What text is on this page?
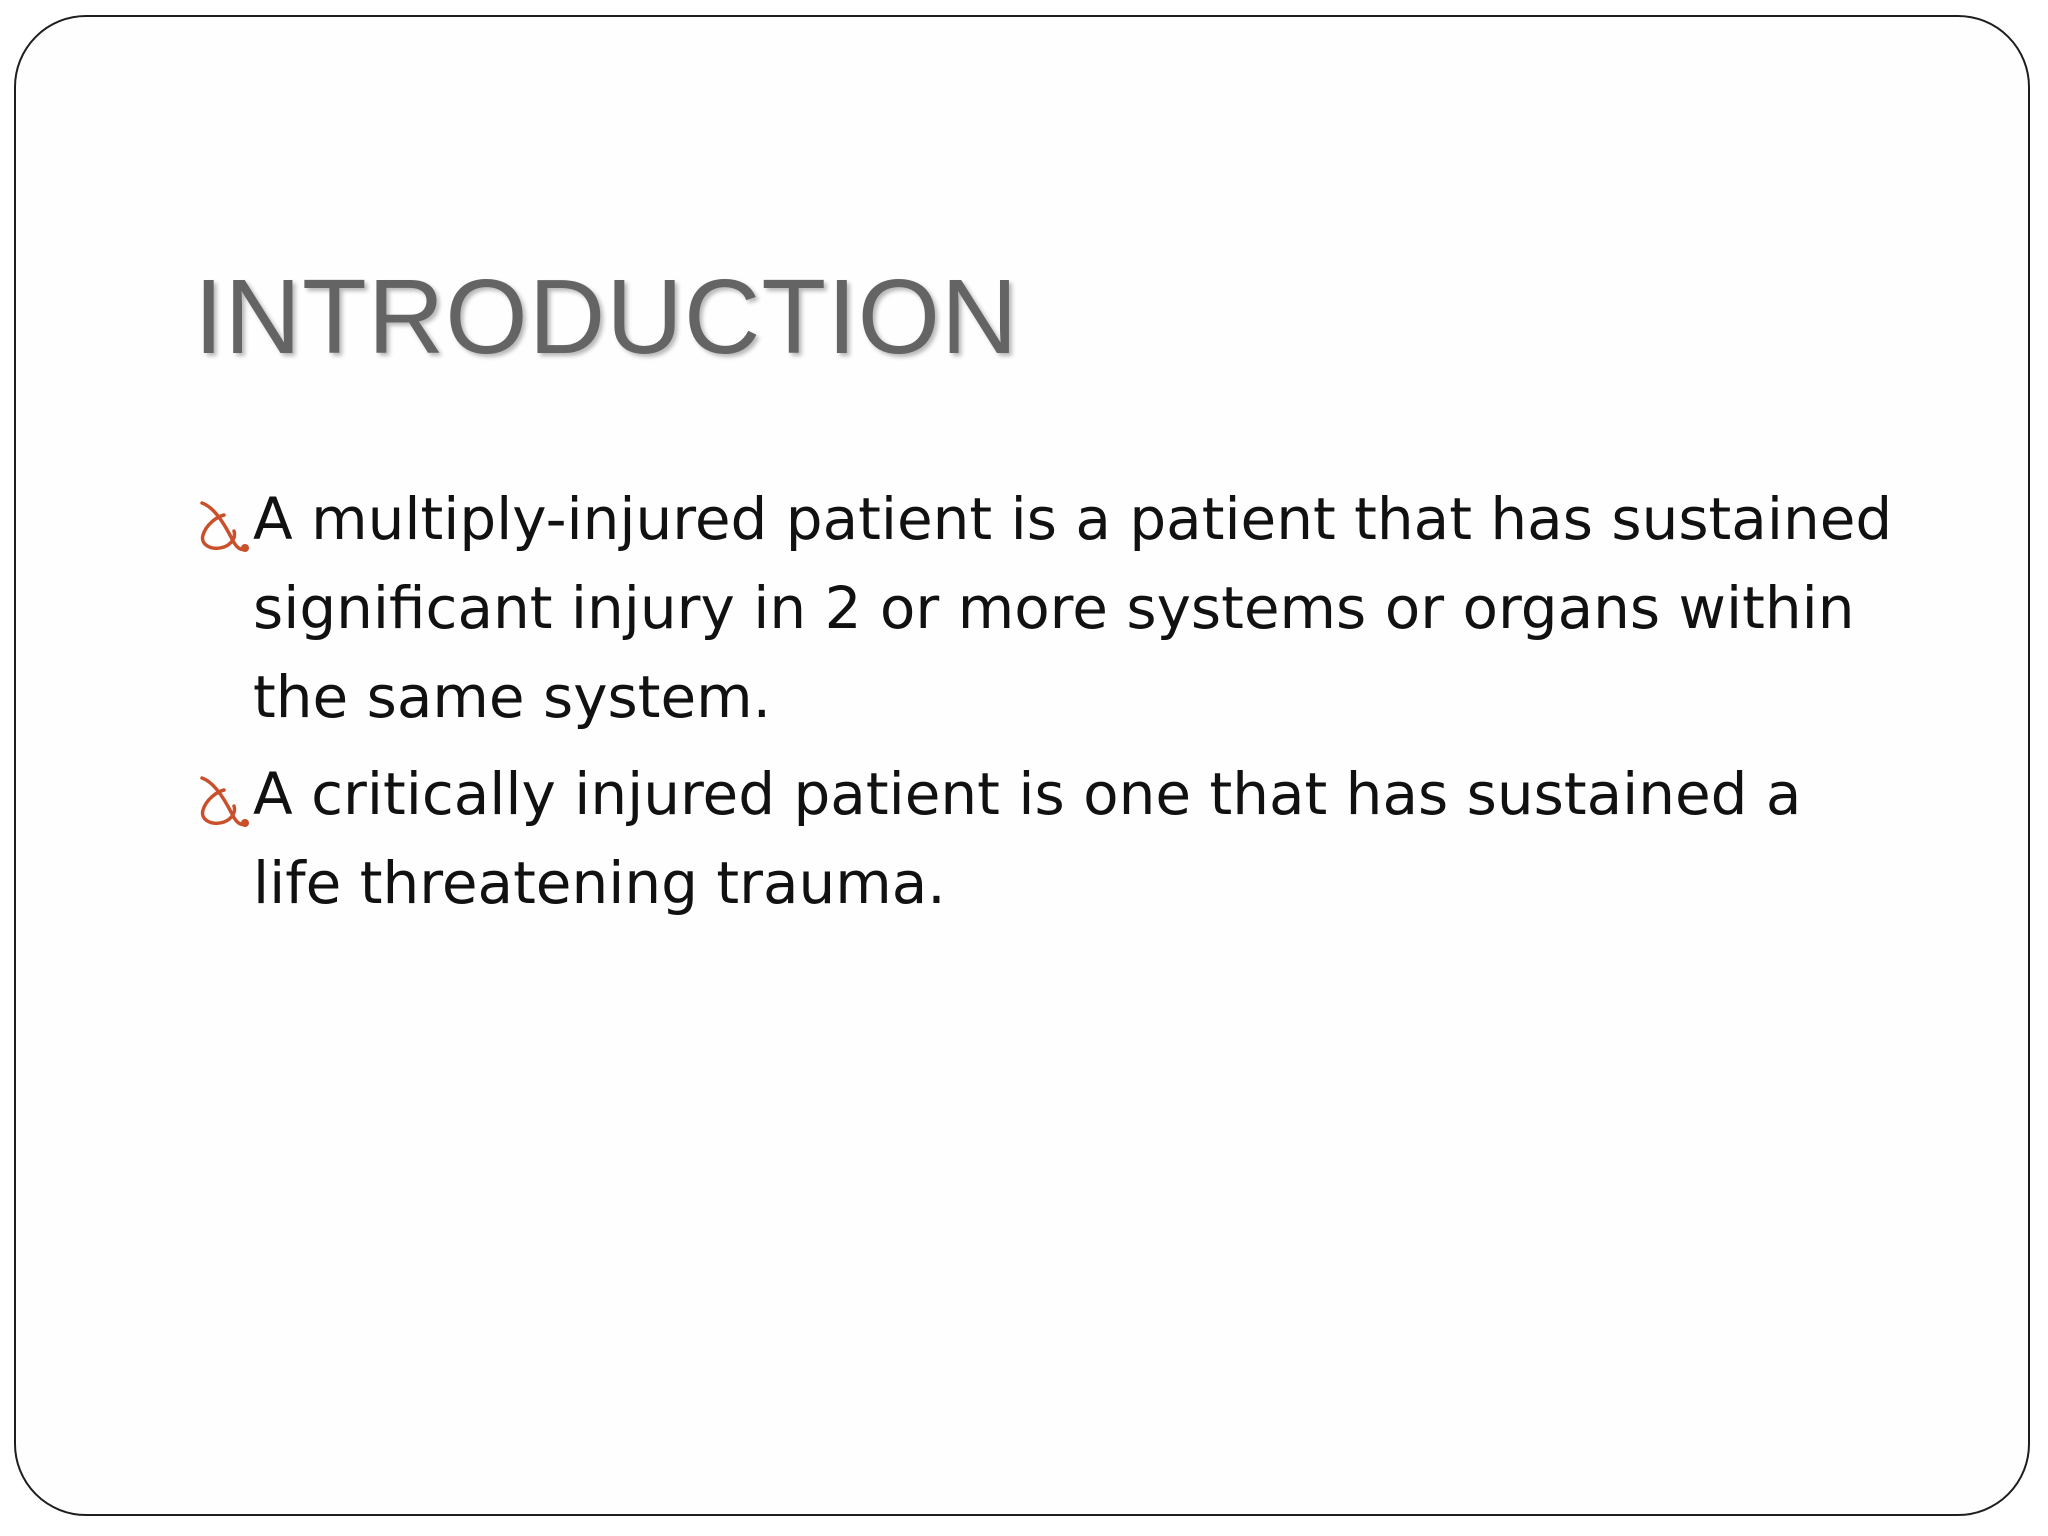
INTRODUCTION
A multiply-injured patient is a patient that has sustained significant injury in 2 or more systems or organs within the same system.
A critically injured patient is one that has sustained a life threatening trauma.
